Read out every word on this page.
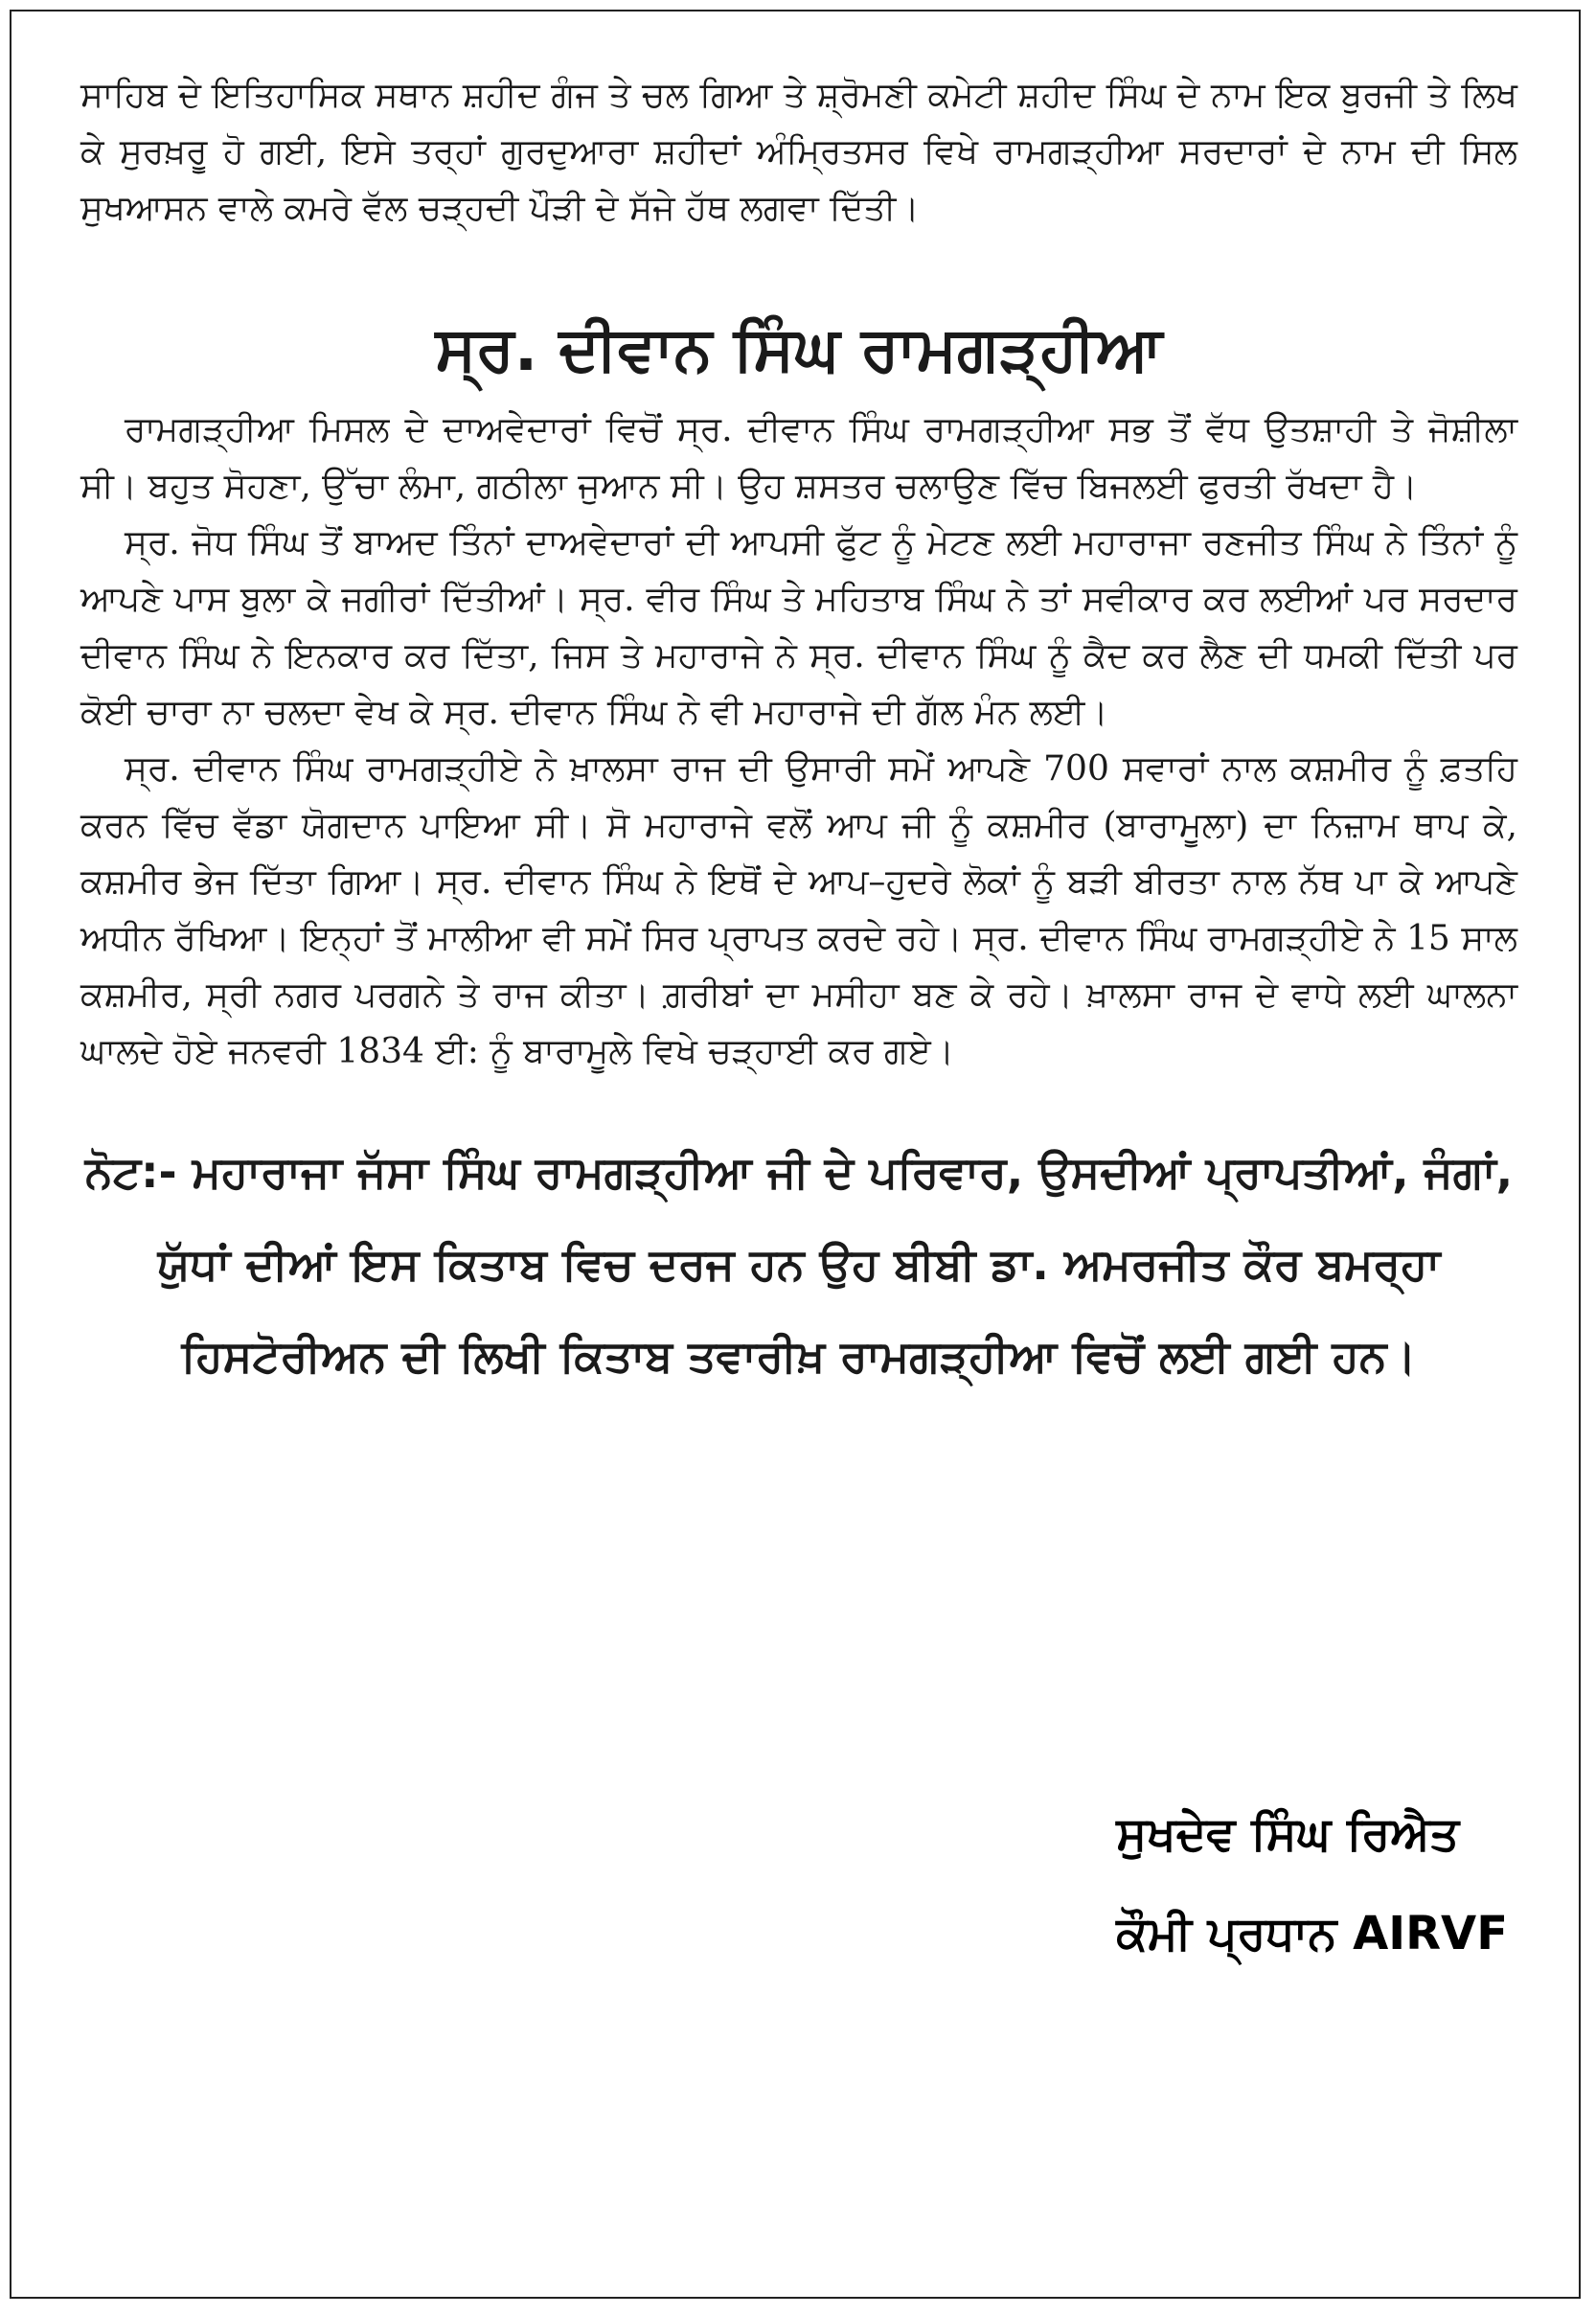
ਸਾਹਿਬ ਦੇ ਇਤਿਹਾਸਿਕ ਸਥਾਨ ਸ਼ਹੀਦ ਗੰਜ ਤੇ ਚਲ ਗਿਆ ਤੇ ਸ਼੍ਰੋਮਣੀ ਕਮੇਟੀ ਸ਼ਹੀਦ ਸਿੰਘ ਦੇ ਨਾਮ ਇਕ ਬੁਰਜੀ ਤੇ ਲਿਖ ਕੇ ਸੁਰਖ਼ਰੂ ਹੋ ਗਈ, ਇਸੇ ਤਰ੍ਹਾਂ ਗੁਰਦੁਆਰਾ ਸ਼ਹੀਦਾਂ ਅੰਮ੍ਰਿਤਸਰ ਵਿਖੇ ਰਾਮਗੜ੍ਹੀਆ ਸਰਦਾਰਾਂ ਦੇ ਨਾਮ ਦੀ ਸਿਲ ਸੁਖਆਸਨ ਵਾਲੇ ਕਮਰੇ ਵੱਲ ਚੜ੍ਹਦੀ ਪੌੜੀ ਦੇ ਸੱਜੇ ਹੱਥ ਲਗਵਾ ਦਿੱਤੀ।

ਸ੍ਰ. ਦੀਵਾਨ ਸਿੰਘ ਰਾਮਗੜ੍ਹੀਆ

ਰਾਮਗੜ੍ਹੀਆ ਮਿਸਲ ਦੇ ਦਾਅਵੇਦਾਰਾਂ ਵਿਚੋਂ ਸ੍ਰ. ਦੀਵਾਨ ਸਿੰਘ ਰਾਮਗੜ੍ਹੀਆ ਸਭ ਤੋਂ ਵੱਧ ਉਤਸ਼ਾਹੀ ਤੇ ਜੋਸ਼ੀਲਾ ਸੀ। ਬਹੁਤ ਸੋਹਣਾ, ਉੱਚਾ ਲੰਮਾ, ਗਠੀਲਾ ਜੁਆਨ ਸੀ। ਉਹ ਸ਼ਸਤਰ ਚਲਾਉਣ ਵਿੱਚ ਬਿਜਲਈ ਫੁਰਤੀ ਰੱਖਦਾ ਹੈ।

ਸ੍ਰ. ਜੋਧ ਸਿੰਘ ਤੋਂ ਬਾਅਦ ਤਿੰਨਾਂ ਦਾਅਵੇਦਾਰਾਂ ਦੀ ਆਪਸੀ ਫੁੱਟ ਨੂੰ ਮੇਟਣ ਲਈ ਮਹਾਰਾਜਾ ਰਣਜੀਤ ਸਿੰਘ ਨੇ ਤਿੰਨਾਂ ਨੂੰ ਆਪਣੇ ਪਾਸ ਬੁਲਾ ਕੇ ਜਗੀਰਾਂ ਦਿੱਤੀਆਂ। ਸ੍ਰ. ਵੀਰ ਸਿੰਘ ਤੇ ਮਹਿਤਾਬ ਸਿੰਘ ਨੇ ਤਾਂ ਸਵੀਕਾਰ ਕਰ ਲਈਆਂ ਪਰ ਸਰਦਾਰ ਦੀਵਾਨ ਸਿੰਘ ਨੇ ਇਨਕਾਰ ਕਰ ਦਿੱਤਾ, ਜਿਸ ਤੇ ਮਹਾਰਾਜੇ ਨੇ ਸ੍ਰ. ਦੀਵਾਨ ਸਿੰਘ ਨੂੰ ਕੈਦ ਕਰ ਲੈਣ ਦੀ ਧਮਕੀ ਦਿੱਤੀ ਪਰ ਕੋਈ ਚਾਰਾ ਨਾ ਚਲਦਾ ਵੇਖ ਕੇ ਸ੍ਰ. ਦੀਵਾਨ ਸਿੰਘ ਨੇ ਵੀ ਮਹਾਰਾਜੇ ਦੀ ਗੱਲ ਮੰਨ ਲਈ।

ਸ੍ਰ. ਦੀਵਾਨ ਸਿੰਘ ਰਾਮਗੜ੍ਹੀਏ ਨੇ ਖ਼ਾਲਸਾ ਰਾਜ ਦੀ ਉਸਾਰੀ ਸਮੇਂ ਆਪਣੇ 700 ਸਵਾਰਾਂ ਨਾਲ ਕਸ਼ਮੀਰ ਨੂੰ ਫ਼ਤਹਿ ਕਰਨ ਵਿੱਚ ਵੱਡਾ ਯੋਗਦਾਨ ਪਾਇਆ ਸੀ। ਸੋ ਮਹਾਰਾਜੇ ਵਲੋਂ ਆਪ ਜੀ ਨੂੰ ਕਸ਼ਮੀਰ (ਬਾਰਾਮੂਲਾ) ਦਾ ਨਿਜ਼ਾਮ ਥਾਪ ਕੇ, ਕਸ਼ਮੀਰ ਭੇਜ ਦਿੱਤਾ ਗਿਆ। ਸ੍ਰ. ਦੀਵਾਨ ਸਿੰਘ ਨੇ ਇਥੋਂ ਦੇ ਆਪ–ਹੁਦਰੇ ਲੋਕਾਂ ਨੂੰ ਬੜੀ ਬੀਰਤਾ ਨਾਲ ਨੱਥ ਪਾ ਕੇ ਆਪਣੇ ਅਧੀਨ ਰੱਖਿਆ। ਇਨ੍ਹਾਂ ਤੋਂ ਮਾਲੀਆ ਵੀ ਸਮੇਂ ਸਿਰ ਪ੍ਰਾਪਤ ਕਰਦੇ ਰਹੇ। ਸ੍ਰ. ਦੀਵਾਨ ਸਿੰਘ ਰਾਮਗੜ੍ਹੀਏ ਨੇ 15 ਸਾਲ ਕਸ਼ਮੀਰ, ਸ੍ਰੀ ਨਗਰ ਪਰਗਨੇ ਤੇ ਰਾਜ ਕੀਤਾ। ਗ਼ਰੀਬਾਂ ਦਾ ਮਸੀਹਾ ਬਣ ਕੇ ਰਹੇ। ਖ਼ਾਲਸਾ ਰਾਜ ਦੇ ਵਾਧੇ ਲਈ ਘਾਲਨਾ ਘਾਲਦੇ ਹੋਏ ਜਨਵਰੀ 1834 ਈ: ਨੂੰ ਬਾਰਾਮੂਲੇ ਵਿਖੇ ਚੜ੍ਹਾਈ ਕਰ ਗਏ।

ਨੋਟ:- ਮਹਾਰਾਜਾ ਜੱਸਾ ਸਿੰਘ ਰਾਮਗੜ੍ਹੀਆ ਜੀ ਦੇ ਪਰਿਵਾਰ, ਉਸਦੀਆਂ ਪ੍ਰਾਪਤੀਆਂ, ਜੰਗਾਂ, ਯੁੱਧਾਂ ਦੀਆਂ ਇਸ ਕਿਤਾਬ ਵਿਚ ਦਰਜ ਹਨ ਉਹ ਬੀਬੀ ਡਾ. ਅਮਰਜੀਤ ਕੌਰ ਬਮਰ੍ਹਾ ਹਿਸਟੋਰੀਅਨ ਦੀ ਲਿਖੀ ਕਿਤਾਬ ਤਵਾਰੀਖ਼ ਰਾਮਗੜ੍ਹੀਆ ਵਿਚੋਂ ਲਈ ਗਈ ਹਨ।
ਸੁਖਦੇਵ ਸਿੰਘ ਰਿਐਤ
ਕੌਮੀ ਪ੍ਰਧਾਨ AIRVF
